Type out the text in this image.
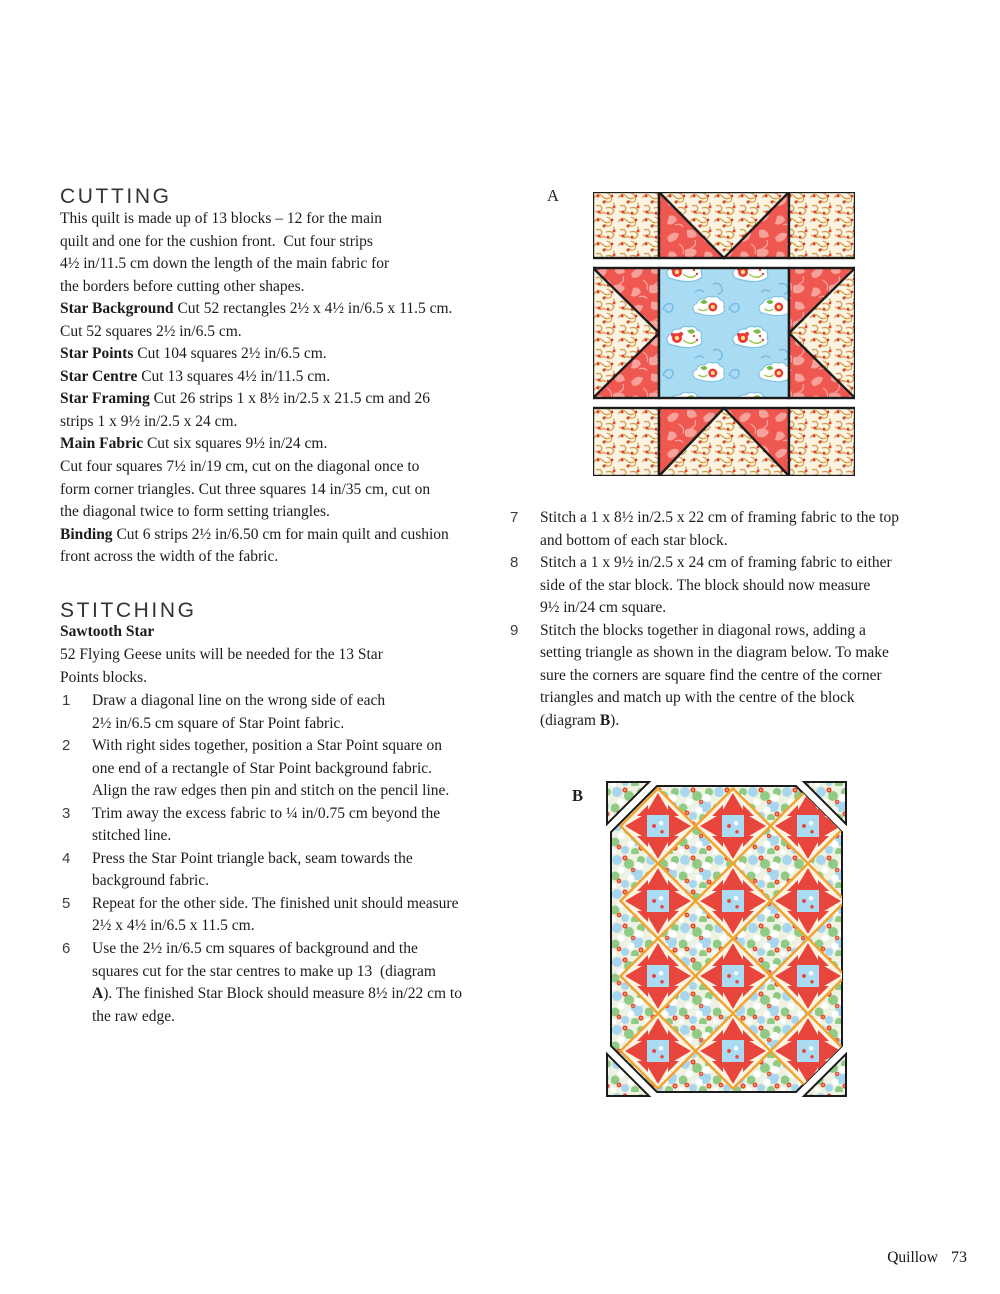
CUTTING
This quilt is made up of 13 blocks – 12 for the main
quilt and one for the cushion front.  Cut four strips
4½ in/11.5 cm down the length of the main fabric for
the borders before cutting other shapes.
Star Background Cut 52 rectangles 2½ x 4½ in/6.5 x 11.5 cm.
Cut 52 squares 2½ in/6.5 cm.
Star Points Cut 104 squares 2½ in/6.5 cm.
Star Centre Cut 13 squares 4½ in/11.5 cm.
Star Framing Cut 26 strips 1 x 8½ in/2.5 x 21.5 cm and 26
strips 1 x 9½ in/2.5 x 24 cm.
Main Fabric Cut six squares 9½ in/24 cm.
Cut four squares 7½ in/19 cm, cut on the diagonal once to
form corner triangles. Cut three squares 14 in/35 cm, cut on
the diagonal twice to form setting triangles.
Binding Cut 6 strips 2½ in/6.50 cm for main quilt and cushion
front across the width of the fabric.
STITCHING
Sawtooth Star
52 Flying Geese units will be needed for the 13 Star
Points blocks.
1	Draw a diagonal line on the wrong side of each
2½ in/6.5 cm square of Star Point fabric.
2	With right sides together, position a Star Point square on
one end of a rectangle of Star Point background fabric.
Align the raw edges then pin and stitch on the pencil line.
3	Trim away the excess fabric to ¼ in/0.75 cm beyond the
stitched line.
4	Press the Star Point triangle back, seam towards the
background fabric.
5	Repeat for the other side. The finished unit should measure
2½ x 4½ in/6.5 x 11.5 cm.
6	Use the 2½ in/6.5 cm squares of background and the
squares cut for the star centres to make up 13  (diagram
A). The finished Star Block should measure 8½ in/22 cm to
the raw edge.
A
7	Stitch a 1 x 8½ in/2.5 x 22 cm of framing fabric to the top
and bottom of each star block.
8	Stitch a 1 x 9½ in/2.5 x 24 cm of framing fabric to either
side of the star block. The block should now measure
9½ in/24 cm square.
9	Stitch the blocks together in diagonal rows, adding a
setting triangle as shown in the diagram below. To make
sure the corners are square find the centre of the corner
triangles and match up with the centre of the block
(diagram B).
B
Quillow 73
